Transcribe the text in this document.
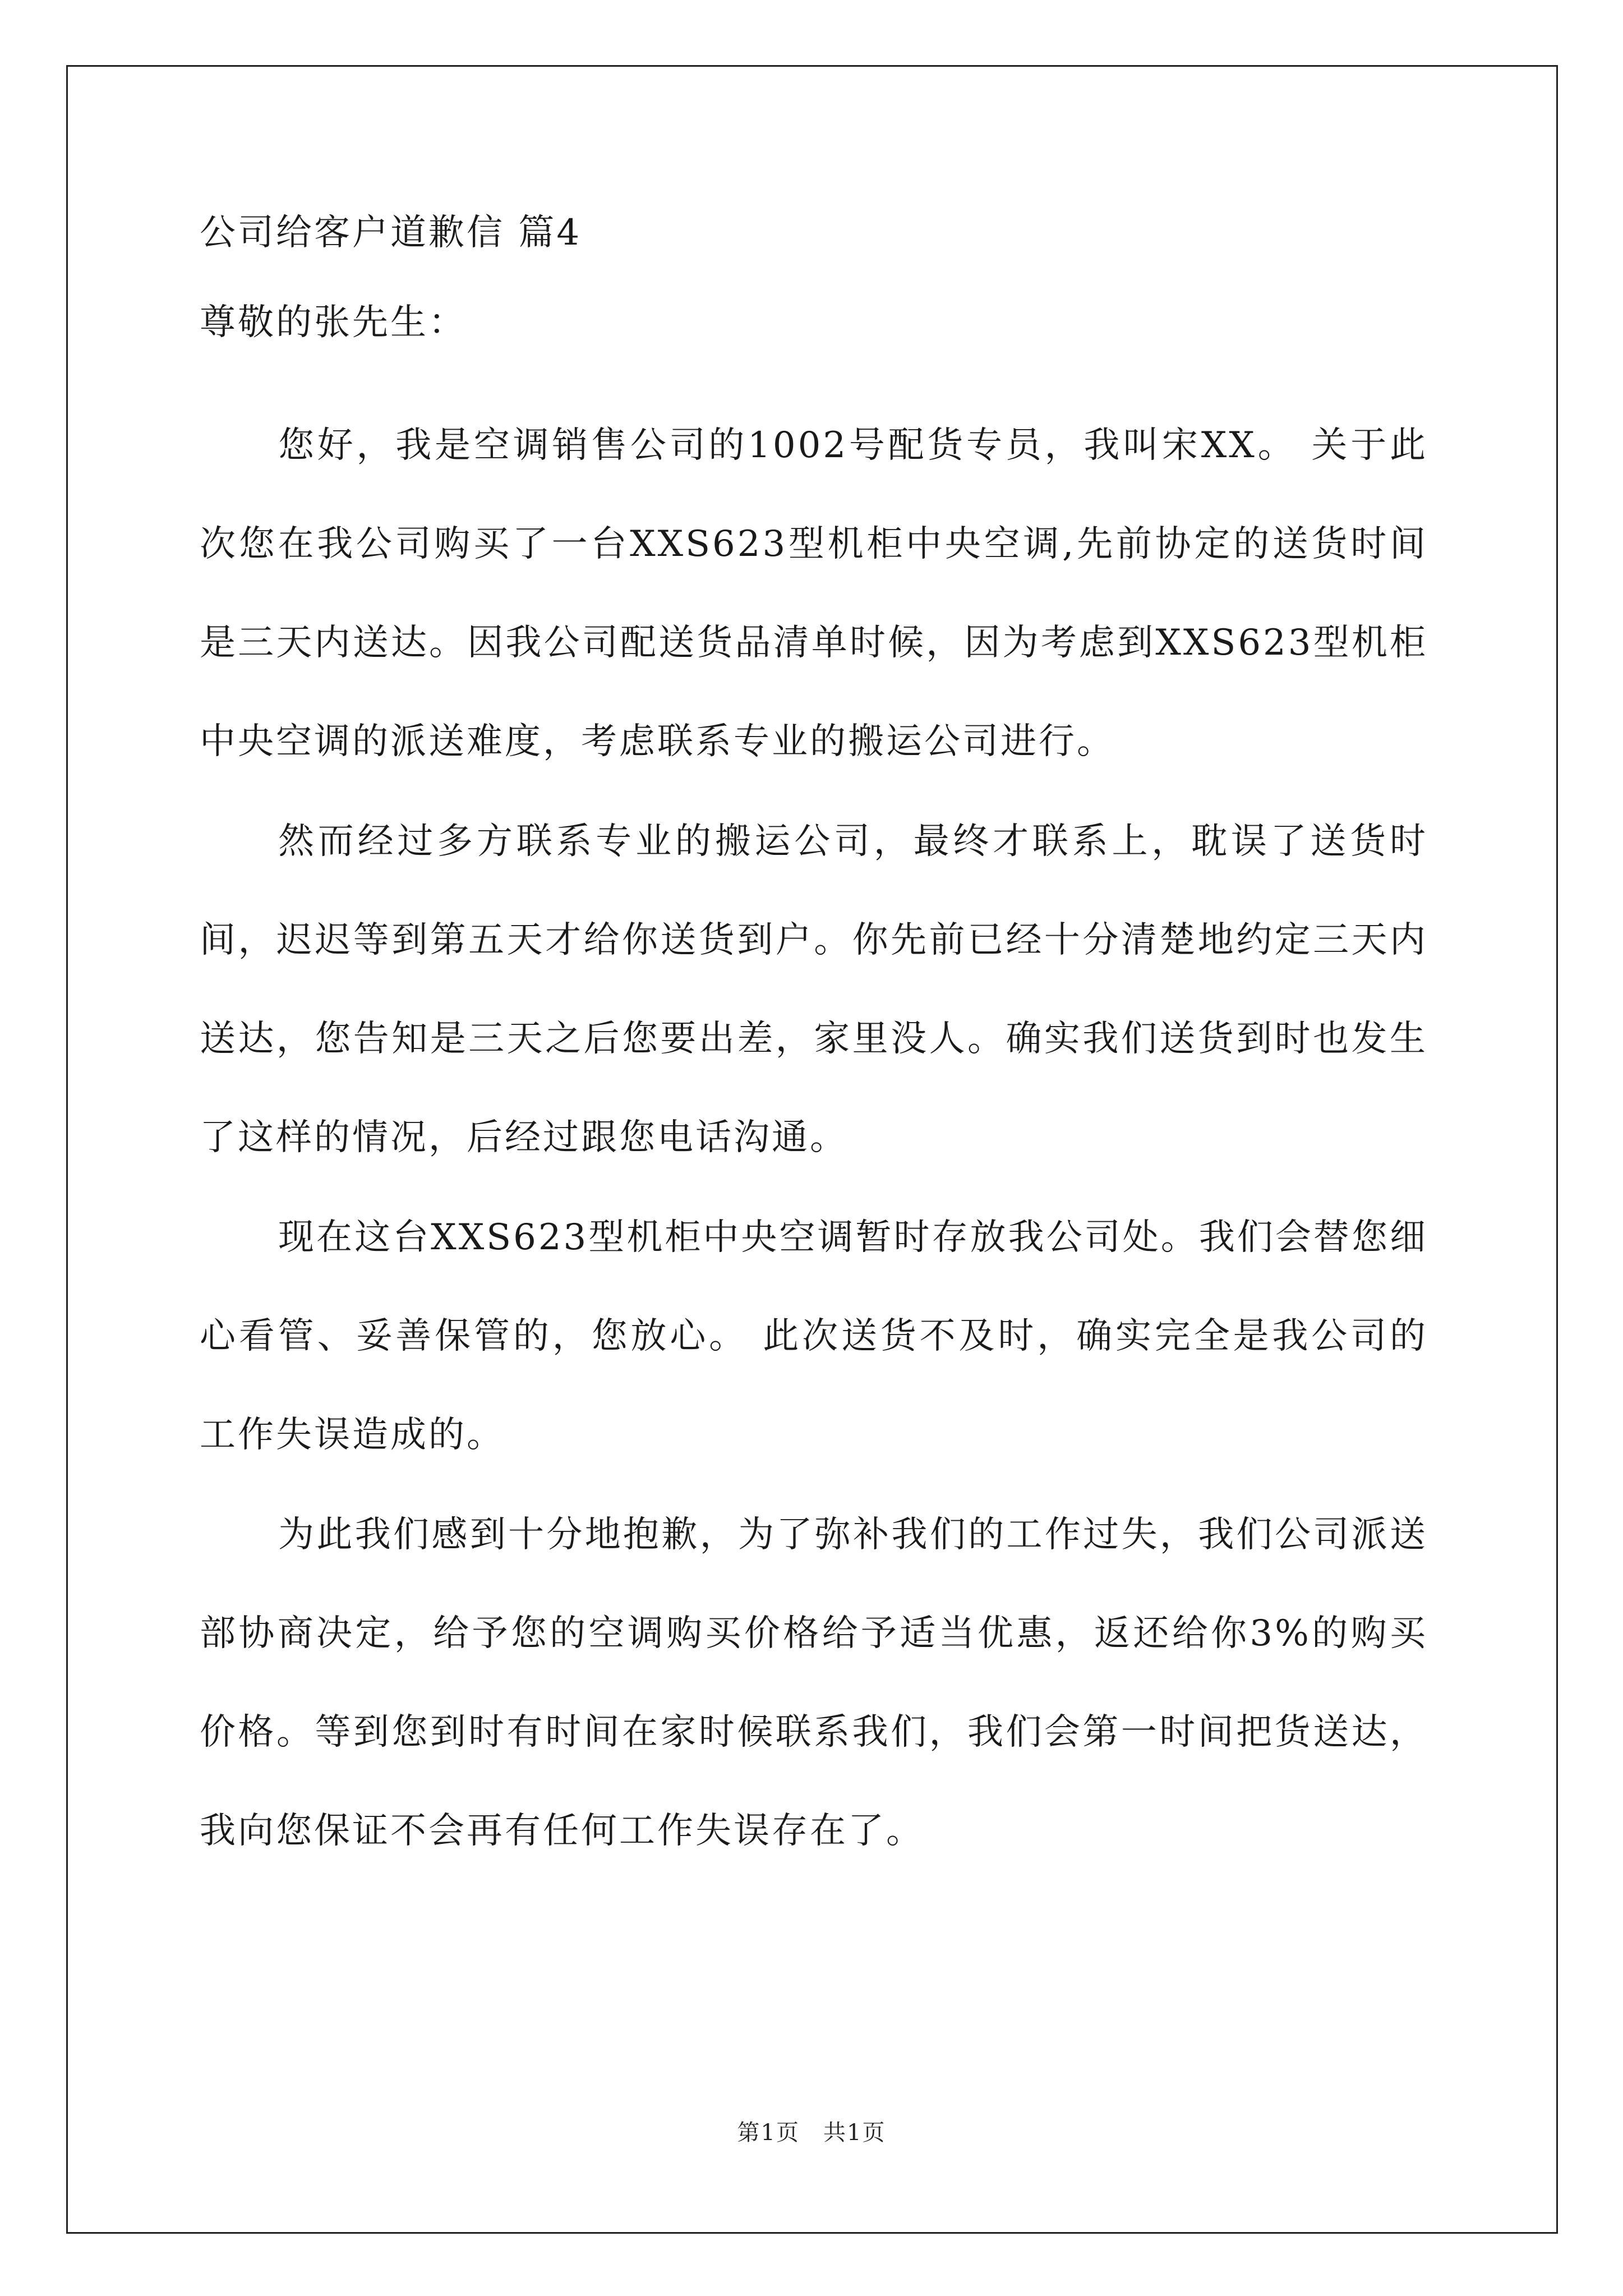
公司给客户道歉信 篇4

尊敬的张先生：

您好，我是空调销售公司的1002号配货专员，我叫宋XX。 关于此次您在我公司购买了一台XXS623型机柜中央空调,先前协定的送货时间是三天内送达。因我公司配送货品清单时候，因为考虑到XXS623型机柜中央空调的派送难度，考虑联系专业的搬运公司进行。

然而经过多方联系专业的搬运公司，最终才联系上，耽误了送货时间，迟迟等到第五天才给你送货到户。你先前已经十分清楚地约定三天内送达，您告知是三天之后您要出差，家里没人。确实我们送货到时也发生了这样的情况，后经过跟您电话沟通。

现在这台XXS623型机柜中央空调暂时存放我公司处。我们会替您细心看管、妥善保管的，您放心。 此次送货不及时，确实完全是我公司的工作失误造成的。

为此我们感到十分地抱歉，为了弥补我们的工作过失，我们公司派送部协商决定，给予您的空调购买价格给予适当优惠，返还给你3%的购买价格。等到您到时有时间在家时候联系我们，我们会第一时间把货送达，我向您保证不会再有任何工作失误存在了。

第1页　共1页
